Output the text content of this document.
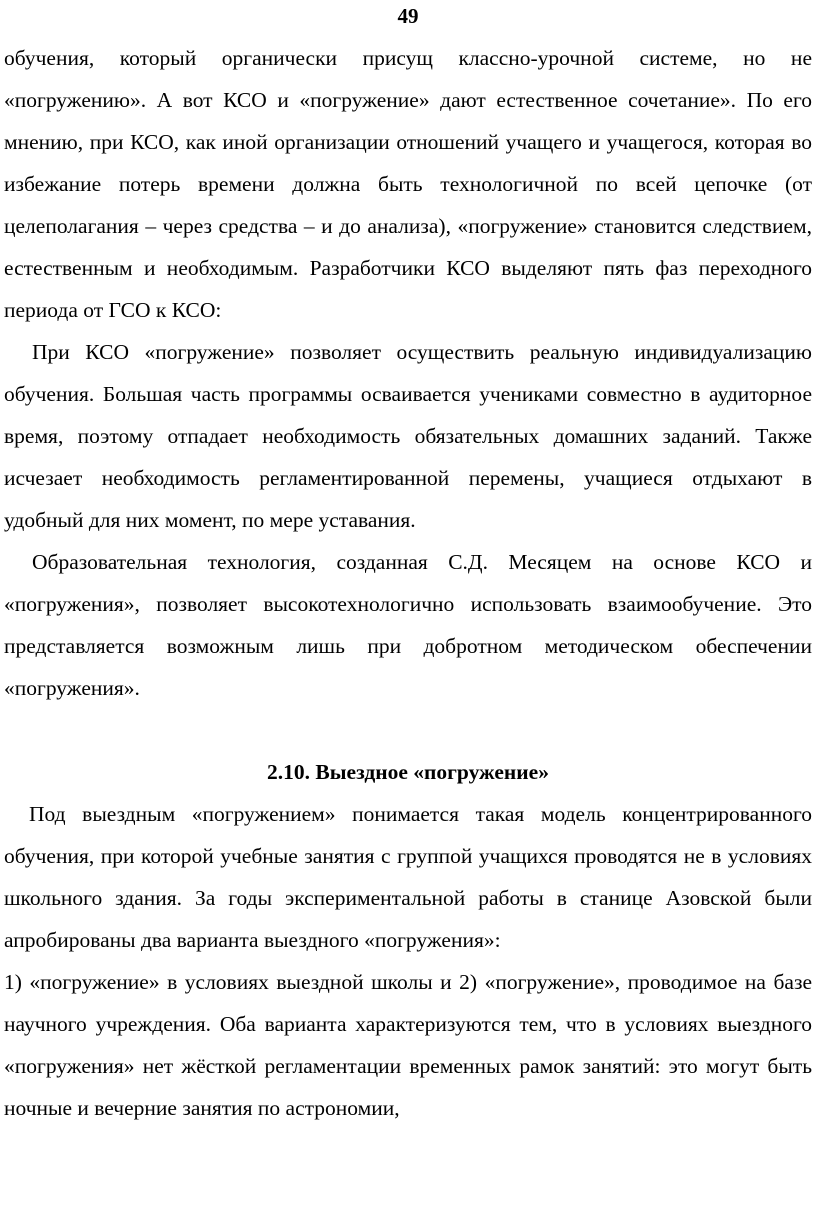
49

обучения, который органически присущ классно-урочной системе, но не «погружению». А вот КСО и «погружение» дают естественное сочетание». По его мнению, при КСО, как иной организации отношений учащего и учащегося, которая во избежание потерь времени должна быть технологичной по всей цепочке (от целеполагания – через средства – и до анализа), «погружение» становится следствием, естественным и необходимым. Разработчики КСО выделяют пять фаз переходного периода от ГСО к КСО:

При КСО «погружение» позволяет осуществить реальную индивидуализацию обучения. Большая часть программы осваивается учениками совместно в аудиторное время, поэтому отпадает необходимость обязательных домашних заданий. Также исчезает необходимость регламентированной перемены, учащиеся отдыхают в удобный для них момент, по мере уставания.

Образовательная технология, созданная С.Д. Месяцем на основе КСО и «погружения», позволяет высокотехнологично использовать взаимообучение. Это представляется возможным лишь при добротном методическом обеспечении «погружения».

2.10. Выездное «погружение»

Под выездным «погружением» понимается такая модель концентрированного обучения, при которой учебные занятия с группой учащихся проводятся не в условиях школьного здания. За годы экспериментальной работы в станице Азовской были апробированы два варианта выездного «погружения»:

1) «погружение» в условиях выездной школы и 2) «погружение», проводимое на базе научного учреждения. Оба варианта характеризуются тем, что в условиях выездного «погружения» нет жёсткой регламентации временных рамок занятий: это могут быть ночные и вечерние занятия по астрономии,
